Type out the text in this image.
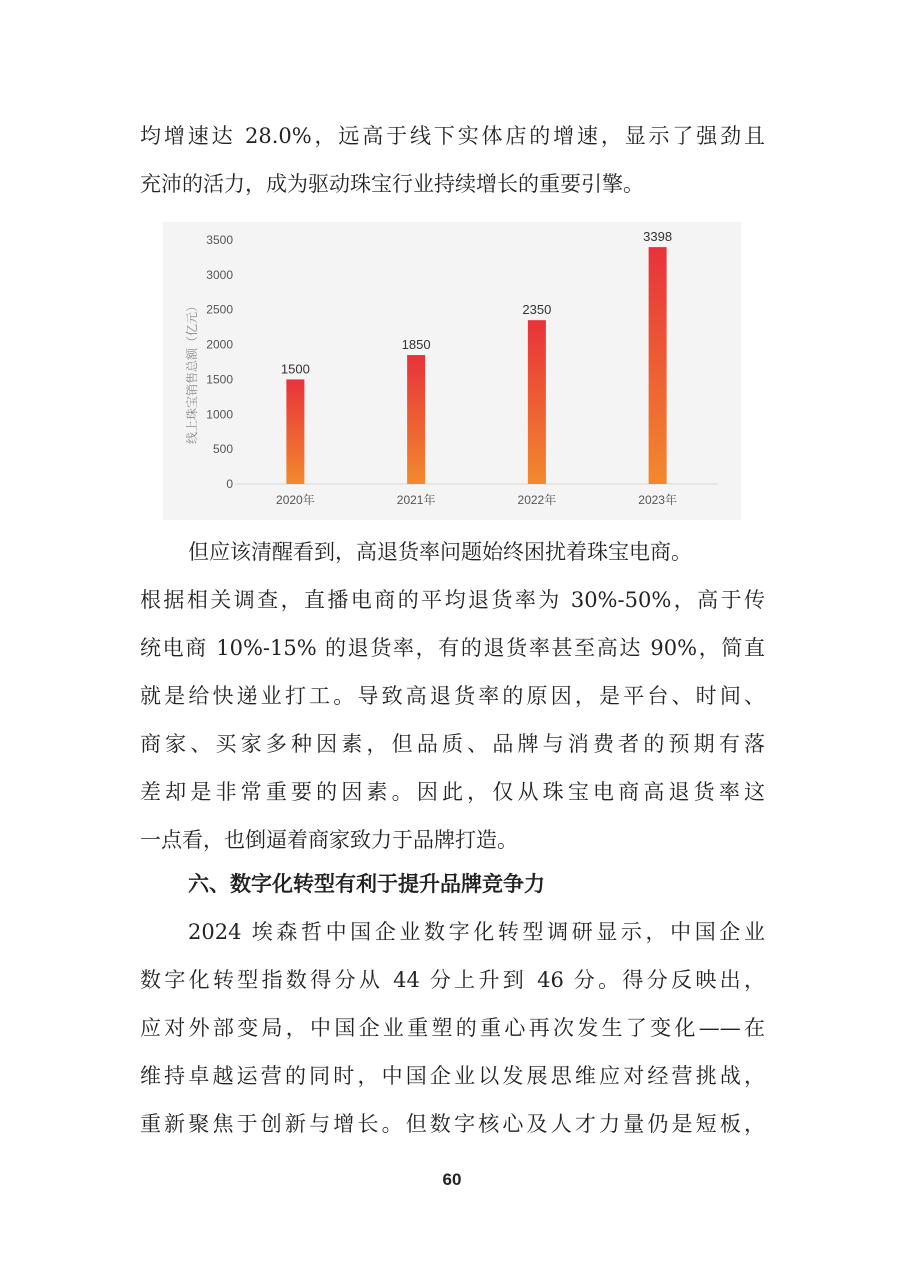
均增速达 28.0%，远高于线下实体店的增速，显示了强劲且
充沛的活力，成为驱动珠宝行业持续增长的重要引擎。
0
500
1000
1500
2000
2500
3000
3500
1500
1850
2350
3398
2020年	2021年	2022年	2023年
线上珠宝销售总额（亿元）
但应该清醒看到，高退货率问题始终困扰着珠宝电商。
根据相关调查，直播电商的平均退货率为 30%-50%，高于传
统电商 10%-15% 的退货率，有的退货率甚至高达 90%，简直
就是给快递业打工。导致高退货率的原因，是平台、时间、
商家、买家多种因素，但品质、品牌与消费者的预期有落
差却是非常重要的因素。因此，仅从珠宝电商高退货率这
一点看，也倒逼着商家致力于品牌打造。
六、数字化转型有利于提升品牌竞争力
2024 埃森哲中国企业数字化转型调研显示，中国企业
数字化转型指数得分从 44 分上升到 46 分。得分反映出，
应对外部变局，中国企业重塑的重心再次发生了变化——在
维持卓越运营的同时，中国企业以发展思维应对经营挑战，
重新聚焦于创新与增长。但数字核心及人才力量仍是短板，
60
